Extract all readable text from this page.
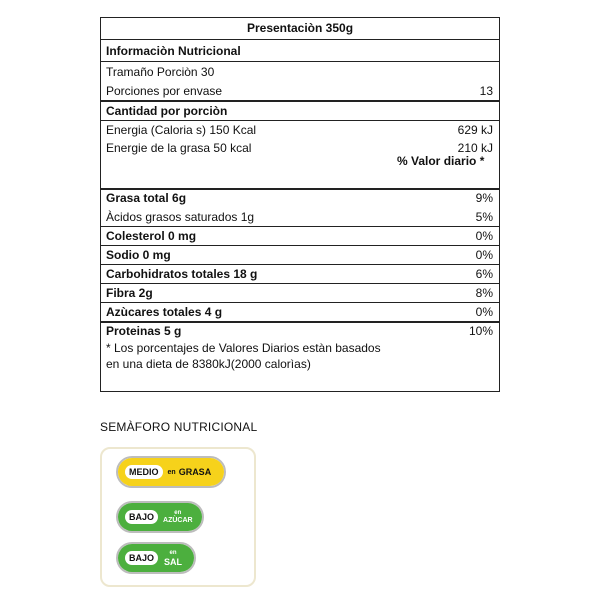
Presentaciòn 350g
Informaciòn Nutricional
Tramaño Porciòn 30
Porciones por envase	13
Cantidad por porciòn
Energia (Caloria s) 150 Kcal	629 kJ
Energie de la grasa 50 kcal	210 kJ
% Valor diario *
Grasa total 6g	9%
Àcidos grasos saturados 1g	5%
Colesterol 0 mg	0%
Sodio 0 mg	0%
Carbohidratos totales 18 g	6%
Fibra 2g	8%
Azùcares totales 4 g	0%
Proteinas 5 g	10%
* Los porcentajes de Valores Diarios estàn basados en una dieta de 8380kJ(2000 calorìas)
SEMÀFORO NUTRICIONAL
MEDIO	en GRASA
BAJO	en
AZÙCAR
BAJO
en
SAL
